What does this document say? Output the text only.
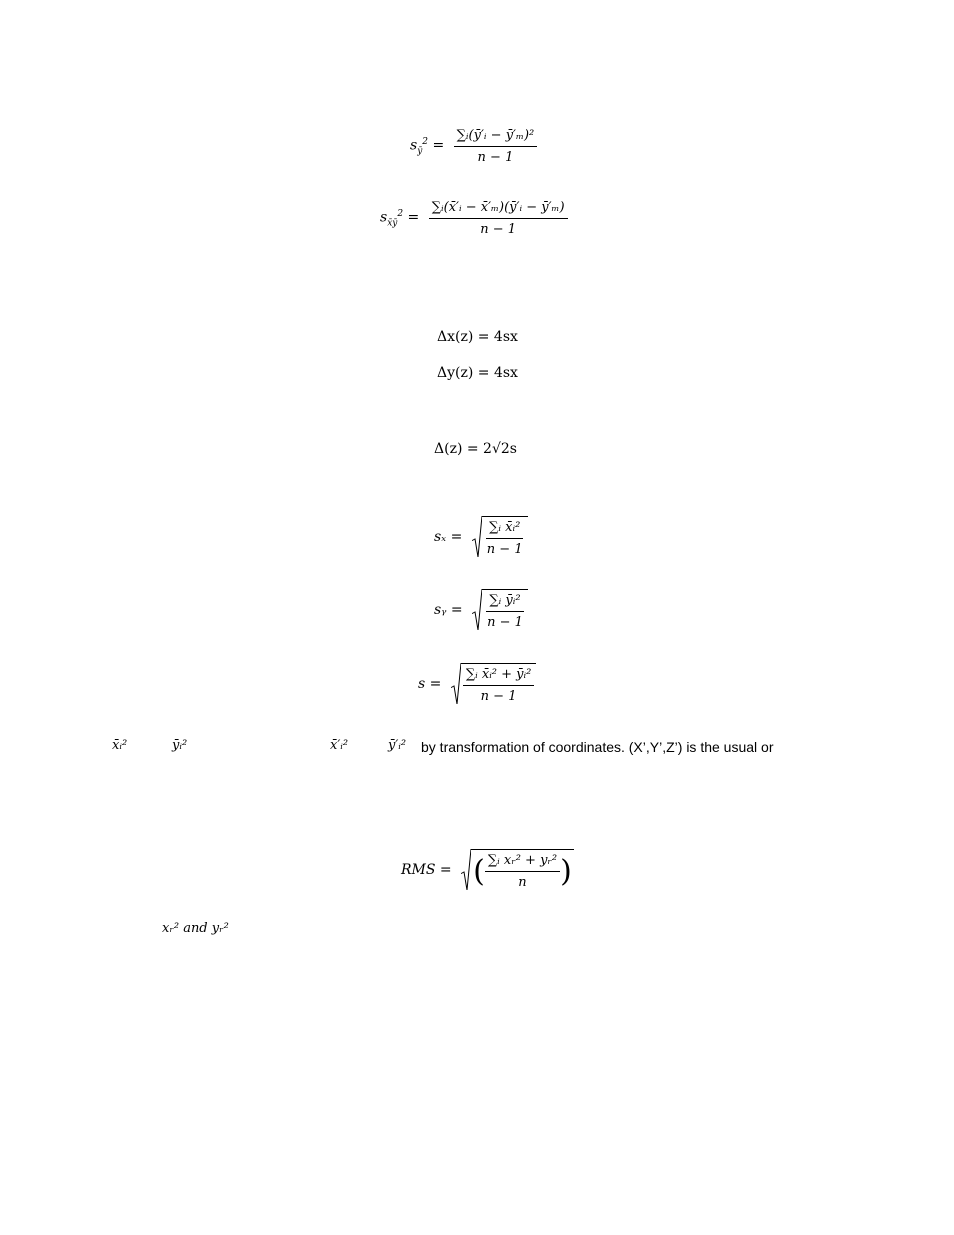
$s_ȳ^2 = \frac{\text{∑ᵢ(ȳ′ᵢ − ȳ′ₘ)²}}{n - 1}$
$s_{x̄ȳ}^2 = \frac{\text{∑ᵢ(x̄′ᵢ − x̄′ₘ)(ȳ′ᵢ − ȳ′ₘ)}}{n - 1}$
Δx(z) = 4sx
Δy(z) = 4sx
Δ(z) = 2√2s
$s_x = \frac{\text{∑ᵢ x̄ᵢ²}}{n - 1}$
sᵧ = $\frac{\text{∑ᵢ ȳᵢ²}}{n - 1}$
$s = \frac{\text{∑ᵢ x̄ᵢ² + ȳᵢ²}}{n - 1}$
x̄ᵢ²	ȳᵢ²	x̄′ᵢ²	ȳ′ᵢ² by transformation of coordinates. (X’,Y’,Z’) is the usual or
RMS = ( $\frac{\text{∑ᵢ xᵣ² + yᵣ²}}{n}$ )
xᵣ² and yᵣ²
